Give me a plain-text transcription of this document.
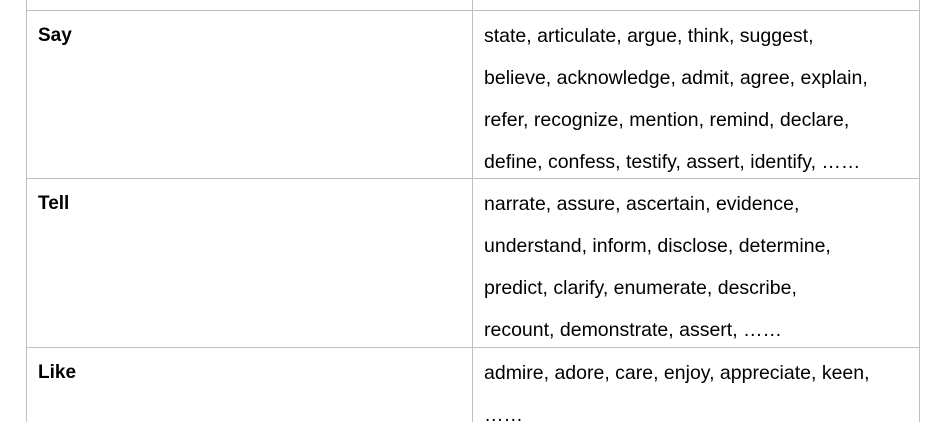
Say	state, articulate, argue, think, suggest,
believe, acknowledge, admit, agree, explain,
refer, recognize, mention, remind, declare,
define, confess, testify, assert, identify, ……
Tell	narrate, assure, ascertain, evidence,
understand, inform, disclose, determine,
predict, clarify, enumerate, describe,
recount, demonstrate, assert, ……
Like	admire, adore, care, enjoy, appreciate, keen,
……
